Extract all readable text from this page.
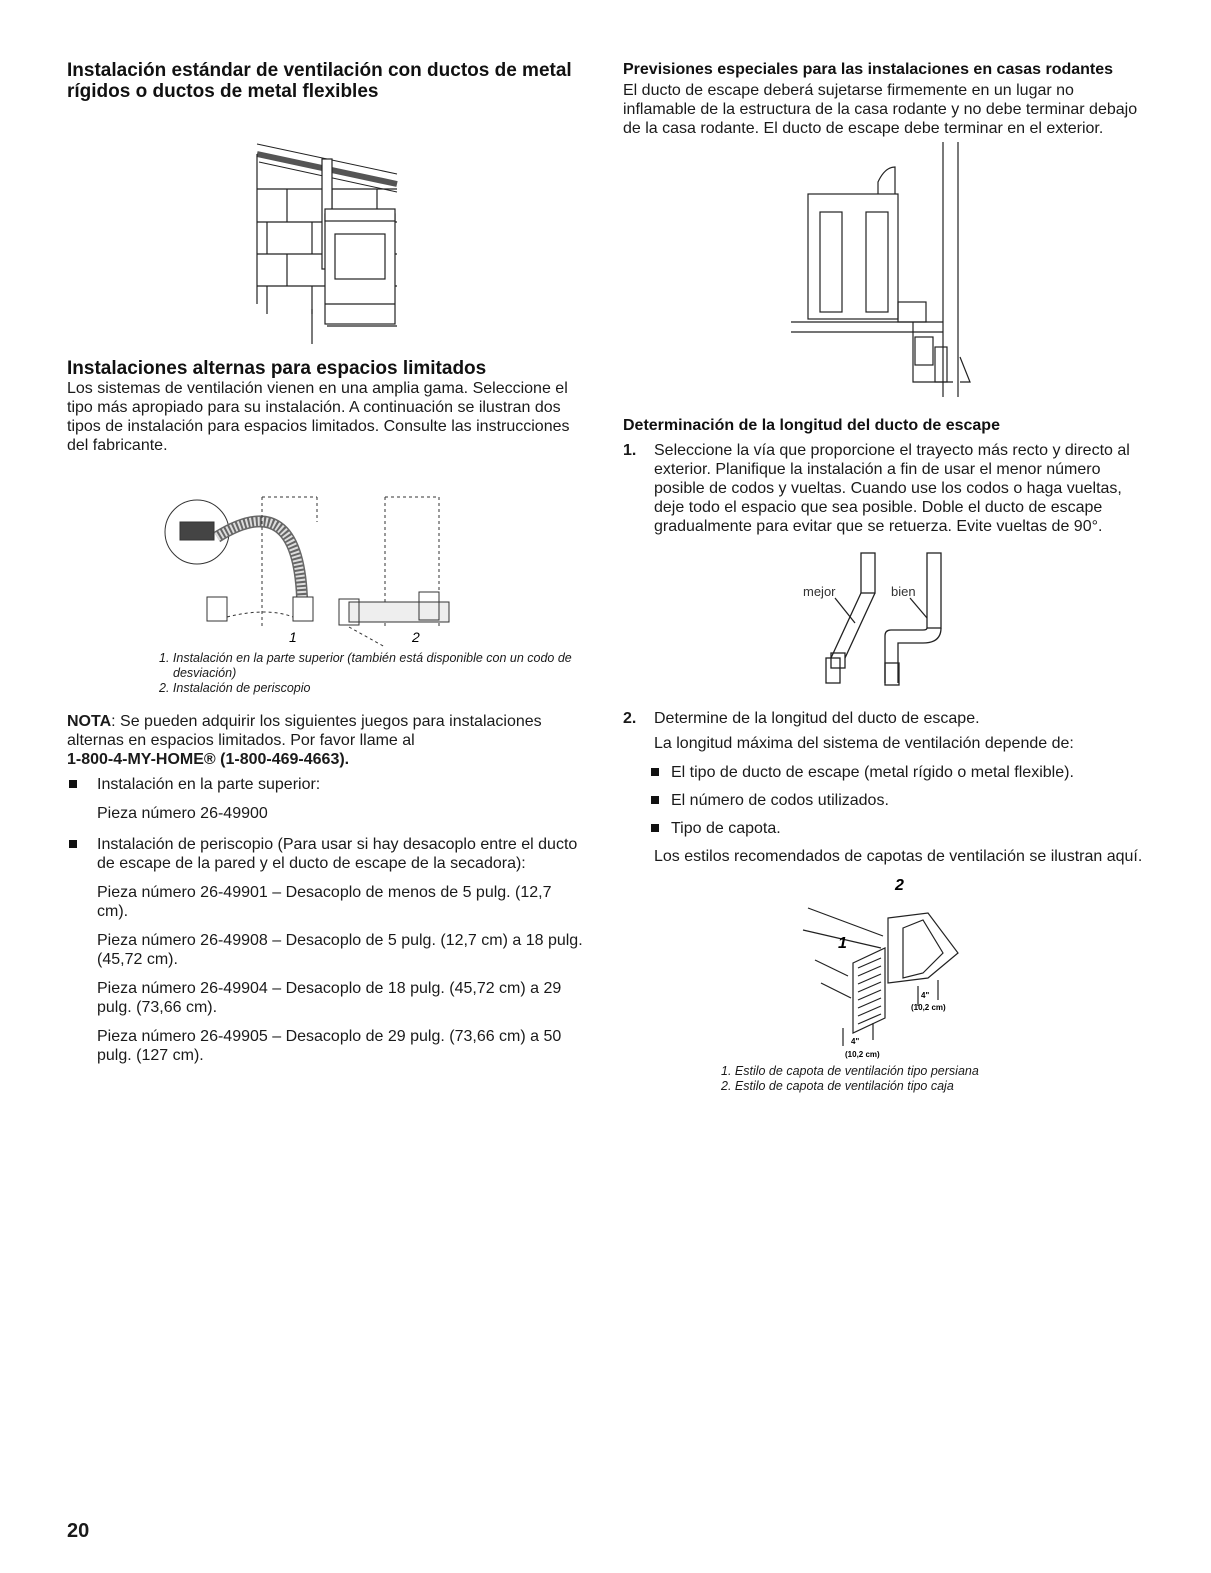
Instalación estándar de ventilación con ductos de metal rígidos o ductos de metal flexibles
Instalaciones alternas para espacios limitados

Los sistemas de ventilación vienen en una amplia gama. Seleccione el tipo más apropiado para su instalación. A continuación se ilustran dos tipos de instalación para espacios limitados. Consulte las instrucciones del fabricante.

1	2
1. Instalación en la parte superior (también está disponible con un codo de desviación)
2. Instalación de periscopio

NOTA: Se pueden adquirir los siguientes juegos para instalaciones alternas en espacios limitados. Por favor llame al
1-800-4-MY-HOME® (1-800-469-4663).

Instalación en la parte superior:
Pieza número 26-49900
Instalación de periscopio (Para usar si hay desacoplo entre el ducto de escape de la pared y el ducto de escape de la secadora):
Pieza número 26-49901 – Desacoplo de menos de 5 pulg. (12,7 cm).
Pieza número 26-49908 – Desacoplo de 5 pulg. (12,7 cm) a 18 pulg. (45,72 cm).
Pieza número 26-49904 – Desacoplo de 18 pulg. (45,72 cm) a 29 pulg. (73,66 cm).
Pieza número 26-49905 – Desacoplo de 29 pulg. (73,66 cm) a 50 pulg. (127 cm).
Previsiones especiales para las instalaciones en casas rodantes

El ducto de escape deberá sujetarse firmemente en un lugar no inflamable de la estructura de la casa rodante y no debe terminar debajo de la casa rodante. El ducto de escape debe terminar en el exterior.

Determinación de la longitud del ducto de escape
1. Seleccione la vía que proporcione el trayecto más recto y directo al exterior. Planifique la instalación a fin de usar el menor número posible de codos y vueltas. Cuando use los codos o haga vueltas, deje todo el espacio que sea posible. Doble el ducto de escape gradualmente para evitar que se retuerza. Evite vueltas de 90°.
mejor	bien
2. Determine de la longitud del ducto de escape.

La longitud máxima del sistema de ventilación depende de:

El tipo de ducto de escape (metal rígido o metal flexible).
El número de codos utilizados.
Tipo de capota.

Los estilos recomendados de capotas de ventilación se ilustran aquí.

2
1
4"
(10,2 cm)
4"
(10,2 cm)
1. Estilo de capota de ventilación tipo persiana
2. Estilo de capota de ventilación tipo caja
20
